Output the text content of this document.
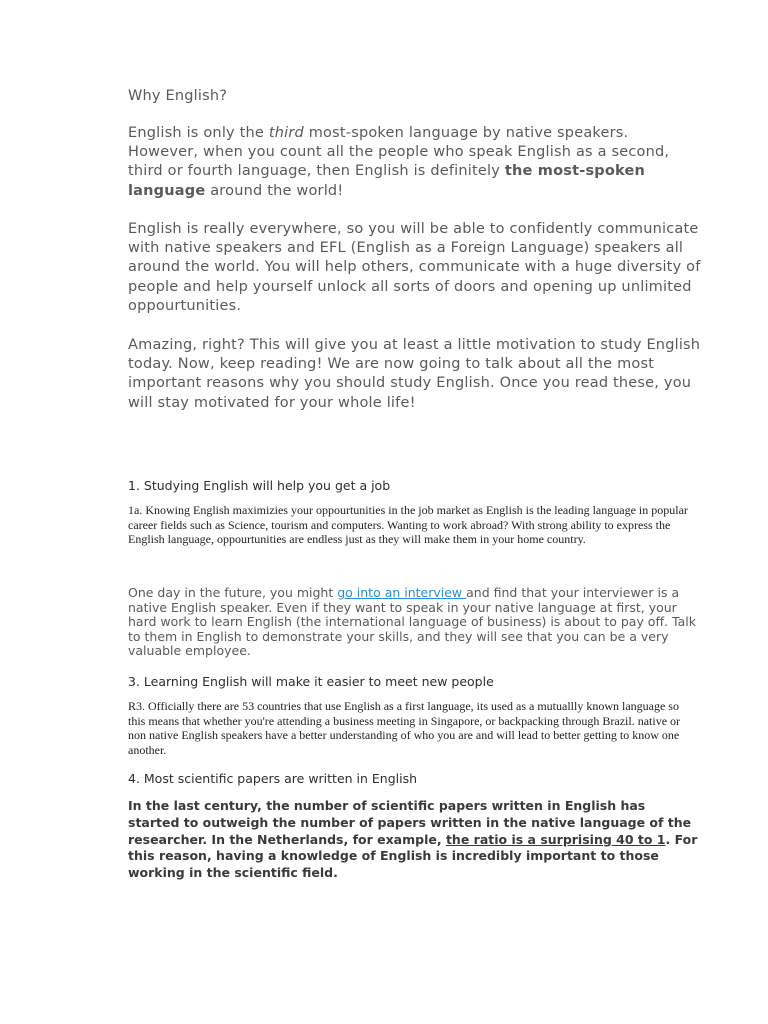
Why English?

English is only the third most-spoken language by native speakers. However, when you count all the people who speak English as a second, third or fourth language, then English is definitely the most-spoken language around the world!

English is really everywhere, so you will be able to confidently communicate with native speakers and EFL (English as a Foreign Language) speakers all around the world. You will help others, communicate with a huge diversity of people and help yourself unlock all sorts of doors and opening up unlimited oppourtunities.

Amazing, right? This will give you at least a little motivation to study English today. Now, keep reading! We are now going to talk about all the most important reasons why you should study English. Once you read these, you will stay motivated for your whole life!

1. Studying English will help you get a job

1a. Knowing English maximizies your oppourtunities in the job market as English is the leading language in popular career fields such as Science, tourism and computers. Wanting to work abroad? With strong ability to express the English language, oppourtunities are endless just as they will make them in your home country.

One day in the future, you might go into an interview and find that your interviewer is a native English speaker. Even if they want to speak in your native language at first, your hard work to learn English (the international language of business) is about to pay off. Talk to them in English to demonstrate your skills, and they will see that you can be a very valuable employee.

3. Learning English will make it easier to meet new people

R3. Officially there are 53 countries that use English as a first language, its used as a mutuallly known language so this means that whether you're attending a business meeting in Singapore, or backpacking through Brazil. native or non native English speakers have a better understanding of who you are and will lead to better getting to know one another.

4. Most scientific papers are written in English

In the last century, the number of scientific papers written in English has started to outweigh the number of papers written in the native language of the researcher. In the Netherlands, for example, the ratio is a surprising 40 to 1. For this reason, having a knowledge of English is incredibly important to those working in the scientific field.
